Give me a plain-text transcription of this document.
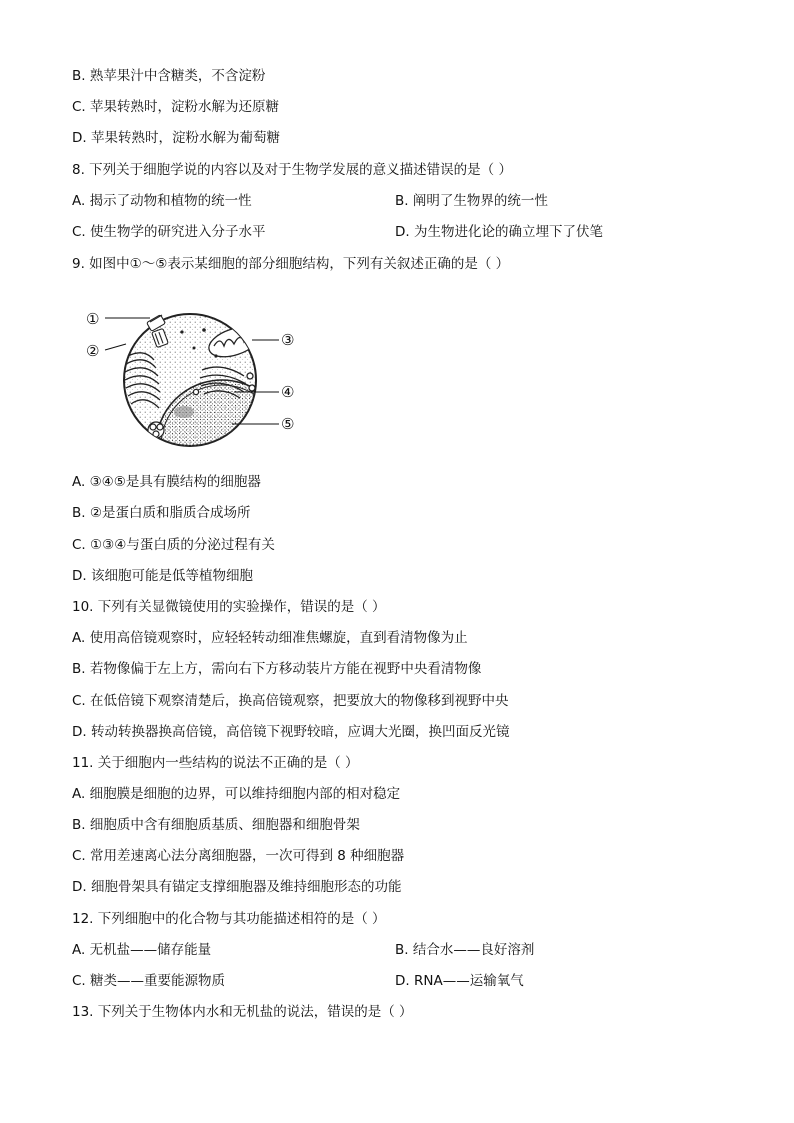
B. 熟苹果汁中含糖类，不含淀粉
C. 苹果转熟时，淀粉水解为还原糖
D. 苹果转熟时，淀粉水解为葡萄糖
8. 下列关于细胞学说的内容以及对于生物学发展的意义描述错误的是（ ）
A. 揭示了动物和植物的统一性	B. 阐明了生物界的统一性
C. 使生物学的研究进入分子水平	D. 为生物进化论的确立埋下了伏笔
9. 如图中①～⑤表示某细胞的部分细胞结构，下列有关叙述正确的是（ ）
①
②
③
④
⑤
A. ③④⑤是具有膜结构的细胞器
B. ②是蛋白质和脂质合成场所
C. ①③④与蛋白质的分泌过程有关
D. 该细胞可能是低等植物细胞
10. 下列有关显微镜使用的实验操作，错误的是（ ）
A. 使用高倍镜观察时，应轻轻转动细准焦螺旋，直到看清物像为止
B. 若物像偏于左上方，需向右下方移动装片方能在视野中央看清物像
C. 在低倍镜下观察清楚后，换高倍镜观察，把要放大的物像移到视野中央
D. 转动转换器换高倍镜，高倍镜下视野较暗，应调大光圈，换凹面反光镜
11. 关于细胞内一些结构的说法不正确的是（ ）
A. 细胞膜是细胞的边界，可以维持细胞内部的相对稳定
B. 细胞质中含有细胞质基质、细胞器和细胞骨架
C. 常用差速离心法分离细胞器，一次可得到 8 种细胞器
D. 细胞骨架具有锚定支撑细胞器及维持细胞形态的功能
12. 下列细胞中的化合物与其功能描述相符的是（ ）
A. 无机盐——储存能量	B. 结合水——良好溶剂
C. 糖类——重要能源物质	D. RNA——运输氧气
13. 下列关于生物体内水和无机盐的说法，错误的是（ ）
